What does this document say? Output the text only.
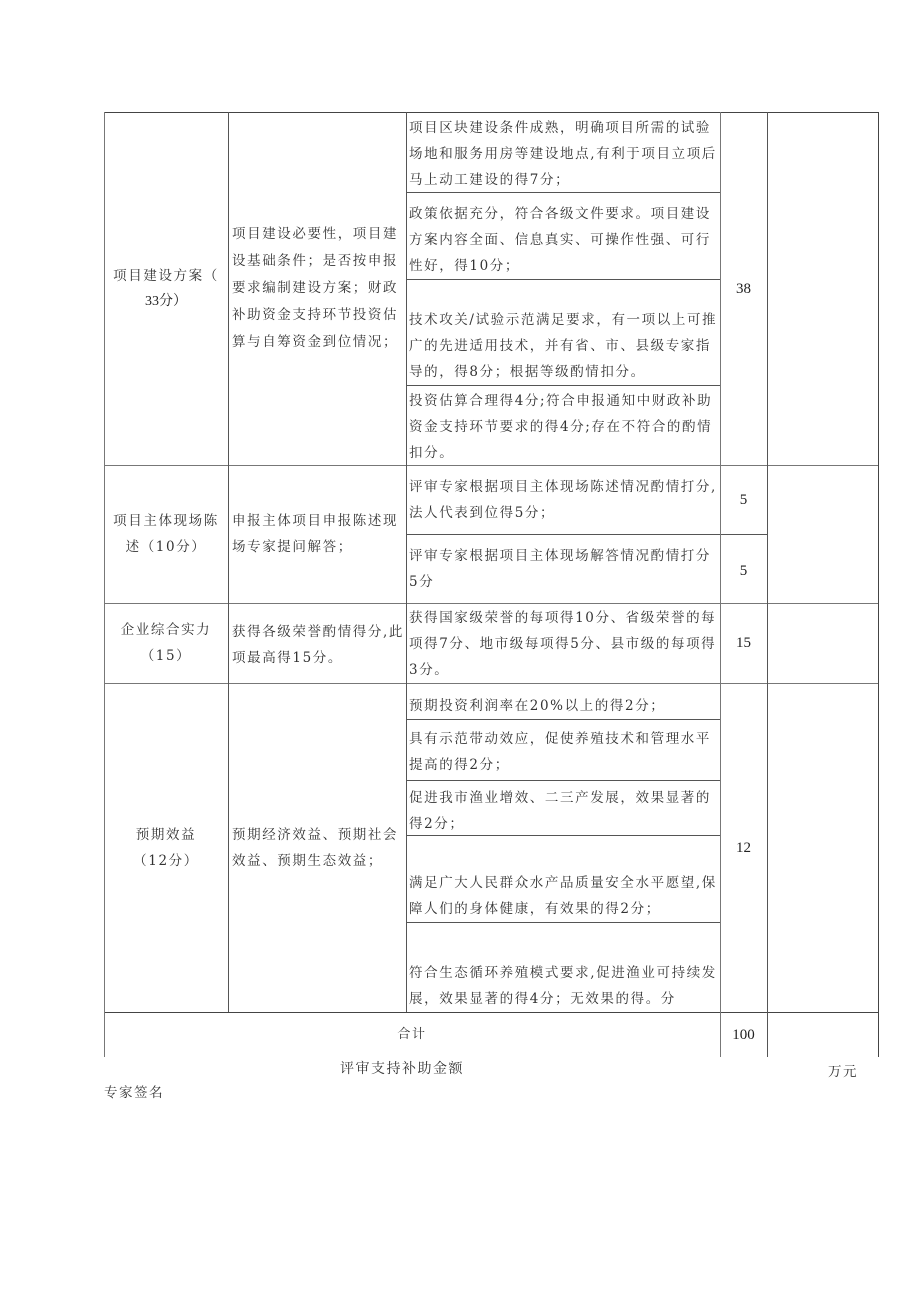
项目建设方案（
33分）
项目建设必要性，项目建设基础条件；是否按申报要求编制建设方案；财政补助资金支持环节投资估算与自筹资金到位情况；
项目区块建设条件成熟，明确项目所需的试验场地和服务用房等建设地点,有利于项目立项后马上动工建设的得7分；
政策依据充分，符合各级文件要求。项目建设方案内容全面、信息真实、可操作性强、可行性好，得10分；
技术攻关/试验示范满足要求，有一项以上可推广的先进适用技术，并有省、市、县级专家指导的，得8分；根据等级酌情扣分。
投资估算合理得4分;符合申报通知中财政补助资金支持环节要求的得4分;存在不符合的酌情扣分。
38
项目主体现场陈
述（10分）
申报主体项目申报陈述现场专家提问解答；
评审专家根据项目主体现场陈述情况酌情打分,法人代表到位得5分；
评审专家根据项目主体现场解答情况酌情打分5分
5
5
企业综合实力
（15）
获得各级荣誉酌情得分,此项最高得15分。
获得国家级荣誉的每项得10分、省级荣誉的每项得7分、地市级每项得5分、县市级的每项得3分。
15
预期效益
（12分）
预期经济效益、预期社会效益、预期生态效益；
预期投资利润率在20%以上的得2分；
具有示范带动效应，促使养殖技术和管理水平提高的得2分；
促进我市渔业增效、二三产发展，效果显著的得2分；
满足广大人民群众水产品质量安全水平愿望,保障人们的身体健康，有效果的得2分；
符合生态循环养殖模式要求,促进渔业可持续发展，效果显著的得4分；无效果的得。分
12
合计	100
评审支持补助金额	万元
专家签名
